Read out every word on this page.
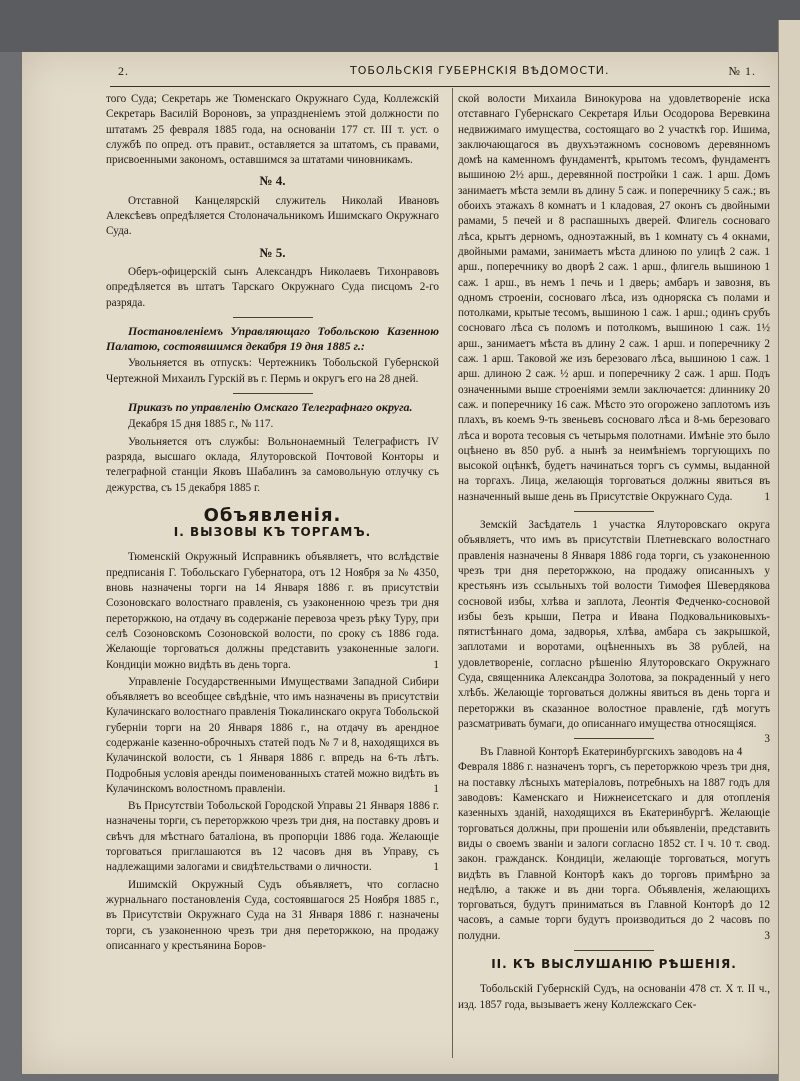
2.	ТОБОЛЬСКІЯ ГУБЕРНСКІЯ ВѢДОМОСТИ.	№ 1.

того Суда; Секретарь же Тюменскаго Окружнаго Суда, Коллежскій Секретарь Василій Вороновъ, за упраздненіемъ этой должности по штатамъ 25 февраля 1885 года, на основаніи 177 ст. III т. уст. о службѣ по опред. отъ правит., оставляется за штатомъ, съ правами, присвоенными закономъ, оставшимся за штатами чиновникамъ.

№ 4.

Отставной Канцелярскій служитель Николай Ивановъ Алексѣевъ опредѣляется Столоначальникомъ Ишимскаго Окружнаго Суда.

№ 5.

Оберъ-офицерскій сынъ Александръ Николаевъ Тихонравовъ опредѣляется въ штатъ Тарскаго Окружнаго Суда писцомъ 2-го разряда.

Постановленіемъ Управляющаго Тобольскою Казенною Палатою, состоявшимся декабря 19 дня 1885 г.:

Увольняется въ отпускъ: Чертежникъ Тобольской Губернской Чертежной Михаилъ Гурскій въ г. Пермь и округъ его на 28 дней.

Приказъ по управленію Омскаго Телеграфнаго округа.

Декабря 15 дня 1885 г., № 117.

Увольняется отъ службы: Вольнонаемный Телеграфистъ IV разряда, высшаго оклада, Ялуторовской Почтовой Конторы и телеграфной станціи Яковъ Шабалинъ за самовольную отлучку съ дежурства, съ 15 декабря 1885 г.

Объявленія.

I. ВЫЗОВЫ КЪ ТОРГАМЪ.

Тюменскій Окружный Исправникъ объявляетъ, что вслѣдствіе предписанія Г. Тобольскаго Губернатора, отъ 12 Ноября за № 4350, вновь назначены торги на 14 Января 1886 г. въ присутствіи Созоновскаго волостнаго правленія, съ узаконенною чрезъ три дня переторжкою, на отдачу въ содержаніе перевоза чрезъ рѣку Туру, при селѣ Созоновскомъ Созоновской волости, по сроку съ 1886 года. Желающіе торговаться должны представить узаконенные залоги. Кондиціи можно видѣть въ день торга.	1

Управленіе Государственными Имуществами Западной Сибири объявляетъ во всеобщее свѣдѣніе, что имъ назначены въ присутствіи Кулачинскаго волостнаго правленія Тюкалинскаго округа Тобольской губерніи торги на 20 Января 1886 г., на отдачу въ арендное содержаніе казенно-оброчныхъ статей подъ № 7 и 8, находящихся въ Кулачинской волости, съ 1 Января 1886 г. впредь на 6-ть лѣтъ. Подробныя условія аренды поименованныхъ статей можно видѣть въ Кулачинскомъ волостномъ правленіи.	1

Въ Присутствіи Тобольской Городской Управы 21 Января 1886 г. назначены торги, съ переторжкою чрезъ три дня, на поставку дровъ и свѣчъ для мѣстнаго баталіона, въ пропорціи 1886 года. Желающіе торговаться приглашаются въ 12 часовъ дня въ Управу, съ надлежащими залогами и свидѣтельствами о личности.	1

Ишимскій Окружный Судъ объявляетъ, что согласно журнальнаго постановленія Суда, состоявшагося 25 Ноября 1885 г., въ Присутствіи Окружнаго Суда на 31 Января 1886 г. назначены торги, съ узаконенною чрезъ три дня переторжкою, на продажу описаннаго у крестьянина Боров-

ской волости Михаила Винокурова на удовлетвореніе иска отставнаго Губернскаго Секретаря Ильи Осодорова Веревкина недвижимаго имущества, состоящаго во 2 участкѣ гор. Ишима, заключающагося въ двухъэтажномъ сосновомъ деревянномъ домѣ на каменномъ фундаментѣ, крытомъ тесомъ, фундаментъ вышиною 2½ арш., деревянной постройки 1 саж. 1 арш. Домъ занимаетъ мѣста земли въ длину 5 саж. и поперечнику 5 саж.; въ обоихъ этажахъ 8 комнатъ и 1 кладовая, 27 оконъ съ двойными рамами, 5 печей и 8 распашныхъ дверей. Флигель сосноваго лѣса, крытъ дерномъ, одноэтажный, въ 1 комнату съ 4 окнами, двойными рамами, занимаетъ мѣста длиною по улицѣ 2 саж. 1 арш., поперечнику во дворѣ 2 саж. 1 арш., флигель вышиною 1 саж. 1 арш., въ немъ 1 печь и 1 дверь; амбаръ и завозня, въ одномъ строеніи, сосноваго лѣса, изъ одноряска съ полами и потолками, крытые тесомъ, вышиною 1 саж. 1 арш.; одинъ срубъ сосноваго лѣса съ поломъ и потолкомъ, вышиною 1 саж. 1½ арш., занимаетъ мѣста въ длину 2 саж. 1 арш. и поперечнику 2 саж. 1 арш. Таковой же изъ березоваго лѣса, вышиною 1 саж. 1 арш. длиною 2 саж. ½ арш. и поперечнику 2 саж. 1 арш. Подъ означенными выше строеніями земли заключается: длиннику 20 саж. и поперечнику 16 саж. Мѣсто это огорожено заплотомъ изъ плахъ, въ коемъ 9-ть звеньевъ сосноваго лѣса и 8-мь березоваго лѣса и ворота тесовыя съ четырьмя полотнами. Имѣніе это было оцѣнено въ 850 руб. а нынѣ за неимѣніемъ торгующихъ по высокой оцѣнкѣ, будетъ начинаться торгъ съ суммы, выданной на торгахъ. Лица, желающія торговаться должны явиться въ назначенный выше день въ Присутствіе Окружнаго Суда.	1

Земскій Засѣдатель 1 участка Ялуторовскаго округа объявляетъ, что имъ въ присутствіи Плетневскаго волостнаго правленія назначены 8 Января 1886 года торги, съ узаконенною чрезъ три дня переторжкою, на продажу описанныхъ у крестьянъ изъ ссыльныхъ той волости Тимофея Шевердякова сосновой избы, хлѣва и заплота, Леонтія Федченко-сосновой избы безъ крыши, Петра и Ивана Подковальниковыхъ-пятистѣннаго дома, задворья, хлѣва, амбара съ закрышкой, заплотами и воротами, оцѣненныхъ въ 38 рублей, на удовлетвореніе, согласно рѣшенію Ялуторовскаго Окружнаго Суда, священника Александра Золотова, за покраденный у него хлѣбъ. Желающіе торговаться должны явиться въ день торга и переторжки въ сказанное волостное правленіе, гдѣ могутъ разсматривать бумаги, до описаннаго имущества относящіяся.
3

Въ Главной Конторѣ Екатеринбургскихъ заводовъ на 4 Февраля 1886 г. назначенъ торгъ, съ переторжкою чрезъ три дня, на поставку лѣсныхъ матеріаловъ, потребныхъ на 1887 годъ для заводовъ: Каменскаго и Нижнеисетскаго и для отопленія казенныхъ зданій, находящихся въ Екатеринбургѣ. Желающіе торговаться должны, при прошеніи или объявленіи, представить виды о своемъ званіи и залоги согласно 1852 ст. I ч. 10 т. свод. закон. гражданск. Кондиціи, желающіе торговаться, могутъ видѣть въ Главной Конторѣ какъ до торговъ примѣрно за недѣлю, а также и въ дни торга. Объявленія, желающихъ торговаться, будутъ приниматься въ Главной Конторѣ до 12 часовъ, а самые торги будутъ производиться до 2 часовъ по полудни.	3

II. КЪ ВЫСЛУШАНІЮ РѢШЕНІЯ.

Тобольскій Губернскій Судъ, на основаніи 478 ст. X т. II ч., изд. 1857 года, вызываетъ жену Коллежскаго Сек-
